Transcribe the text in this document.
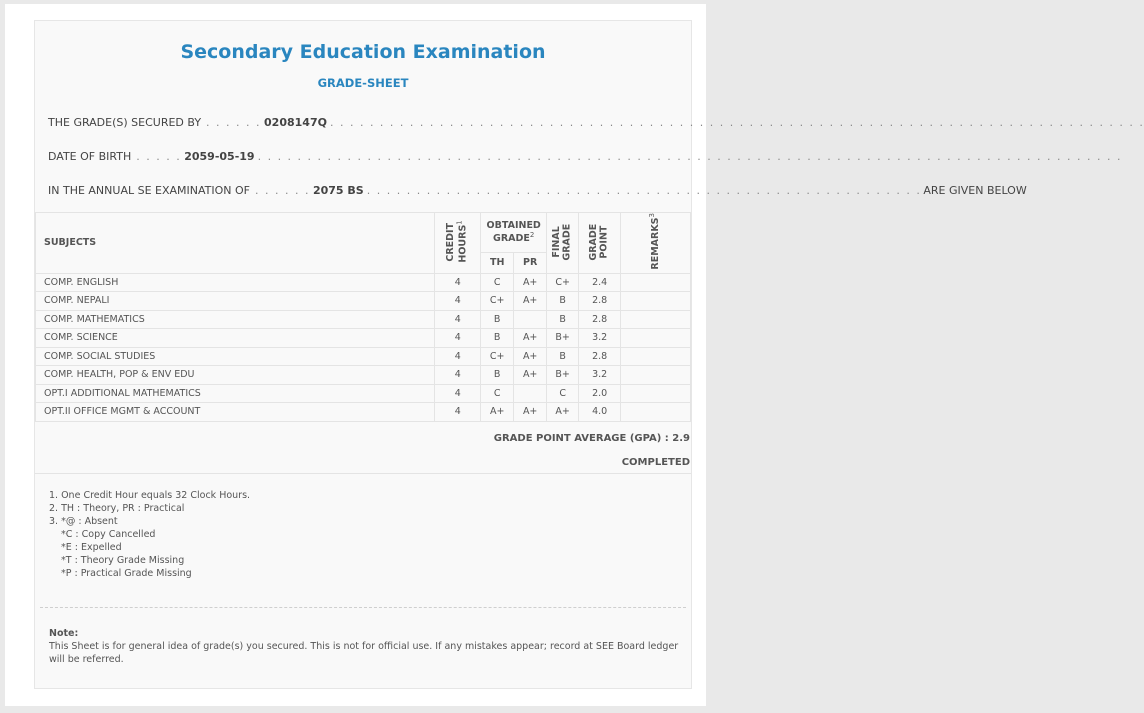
Secondary Education Examination
GRADE-SHEET
THE GRADE(S) SECURED BY . . . . . . 0208147Q . . . . . . . . . . . . . . . . . . . . . . . . . . . . . . . . . . . . . . . . . . . . . . . . . . . . . . . . . . . . . . . . . . . . . . . . . . . . . . . . . .
DATE OF BIRTH . . . . . 2059-05-19 . . . . . . . . . . . . . . . . . . . . . . . . . . . . . . . . . . . . . . . . . . . . . . . . . . . . . . . . . . . . . . . . . . . . . . . . . . . . . . . . . . . . . . .
IN THE ANNUAL SE EXAMINATION OF . . . . . . 2075 BS . . . . . . . . . . . . . . . . . . . . . . . . . . . . . . . . . . . . . . . . . . . . . . . . . . . . . . . . ARE GIVEN BELOW
SUBJECTS	CREDIT HOURS$^1$	OBTAINED GRADE$^2$		FINAL GRADE	GRADE POINT	REMARKS$^3$
		TH	PR			
COMP. ENGLISH	4	C	A+	C+	2.4	
COMP. NEPALI	4	C+	A+	B	2.8	
COMP. MATHEMATICS	4	B		B	2.8	
COMP. SCIENCE	4	B	A+	B+	3.2	
COMP. SOCIAL STUDIES	4	C+	A+	B	2.8	
COMP. HEALTH, POP & ENV EDU	4	B	A+	B+	3.2	
OPT.I ADDITIONAL MATHEMATICS	4	C		C	2.0	
OPT.II OFFICE MGMT & ACCOUNT	4	A+	A+	A+	4.0	
GRADE POINT AVERAGE (GPA) : 2.9
COMPLETED
1. One Credit Hour equals 32 Clock Hours.
2. TH : Theory, PR : Practical
3. *@ : Absent
*C : Copy Cancelled
*E : Expelled
*T : Theory Grade Missing
*P : Practical Grade Missing
Note:
This Sheet is for general idea of grade(s) you secured. This is not for official use. If any mistakes appear; record at SEE Board ledger will be referred.
